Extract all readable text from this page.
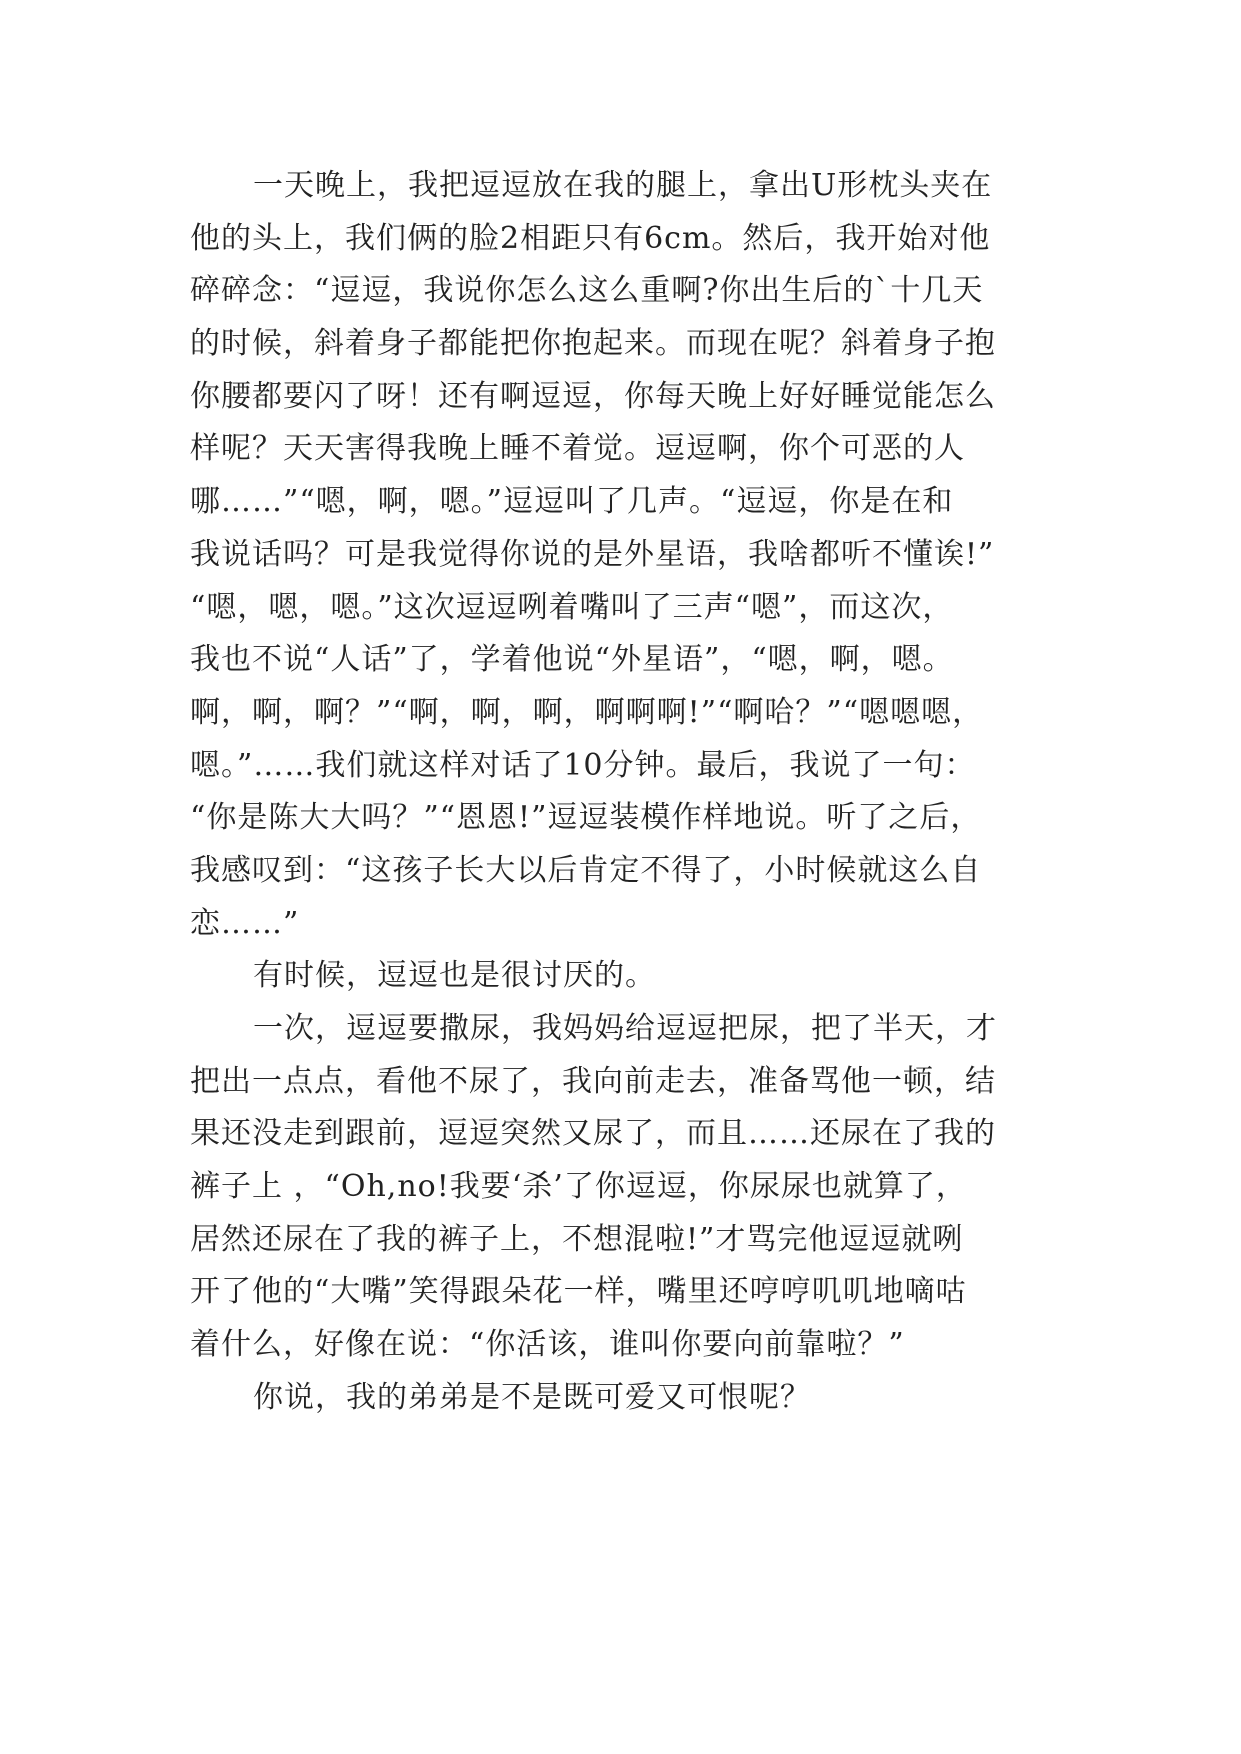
一天晚上，我把逗逗放在我的腿上，拿出U形枕头夹在
他的头上，我们俩的脸2相距只有6cm。然后，我开始对他
碎碎念：“逗逗，我说你怎么这么重啊?你出生后的`十几天
的时候，斜着身子都能把你抱起来。而现在呢？斜着身子抱
你腰都要闪了呀！还有啊逗逗，你每天晚上好好睡觉能怎么
样呢？天天害得我晚上睡不着觉。逗逗啊，你个可恶的人
哪……”“嗯，啊，嗯。”逗逗叫了几声。“逗逗，你是在和
我说话吗？可是我觉得你说的是外星语，我啥都听不懂诶!”
“嗯，嗯，嗯。”这次逗逗咧着嘴叫了三声“嗯”，而这次，
我也不说“人话”了，学着他说“外星语”，“嗯，啊，嗯。
啊，啊，啊？”“啊，啊，啊，啊啊啊!”“啊哈？”“嗯嗯嗯，
嗯。”……我们就这样对话了10分钟。最后，我说了一句：
“你是陈大大吗？”“恩恩!”逗逗装模作样地说。听了之后，
我感叹到：“这孩子长大以后肯定不得了，小时候就这么自
恋……”
有时候，逗逗也是很讨厌的。
一次，逗逗要撒尿，我妈妈给逗逗把尿，把了半天，才
把出一点点，看他不尿了，我向前走去，准备骂他一顿，结
果还没走到跟前，逗逗突然又尿了，而且……还尿在了我的
裤子上 ，“Oh,no!我要‘杀’了你逗逗，你尿尿也就算了，
居然还尿在了我的裤子上，不想混啦!”才骂完他逗逗就咧
开了他的“大嘴”笑得跟朵花一样，嘴里还哼哼叽叽地嘀咕
着什么，好像在说：“你活该，谁叫你要向前靠啦？”
你说，我的弟弟是不是既可爱又可恨呢？
